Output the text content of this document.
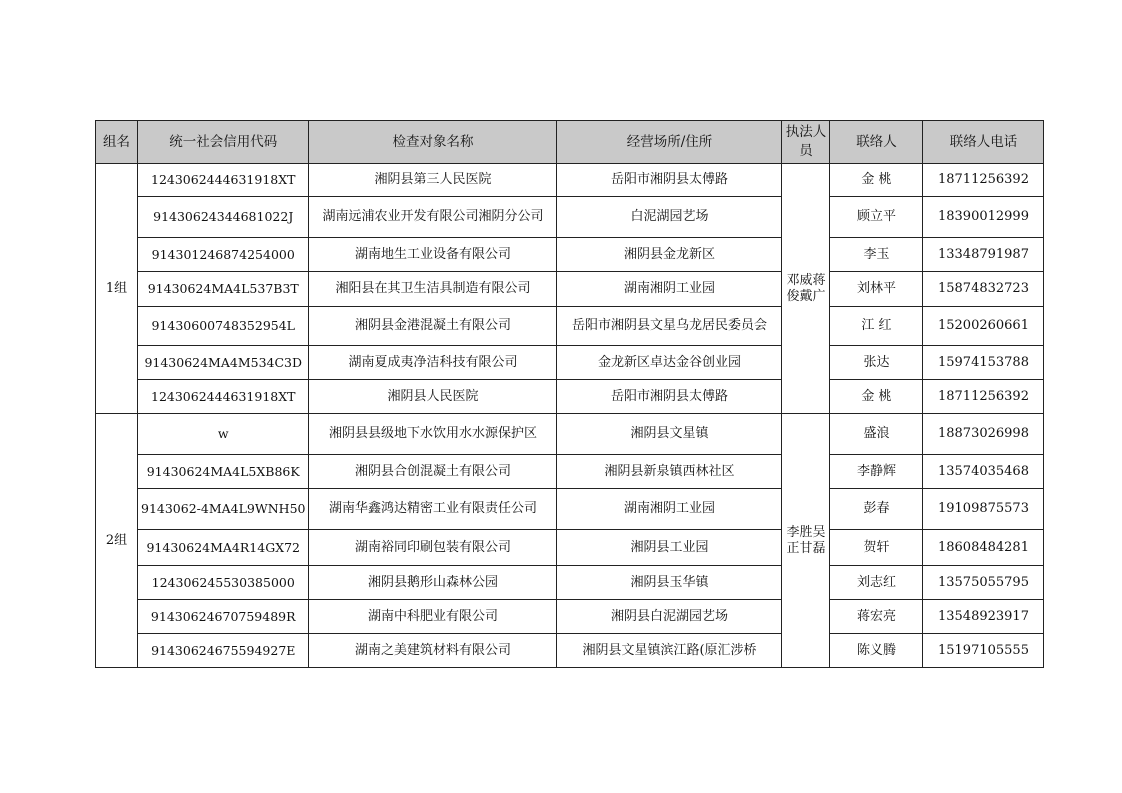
组名	统一社会信用代码	检查对象名称	经营场所/住所	执法人员	联络人	联络人电话
1组	1243062444631918XT	湘阴县第三人民医院	岳阳市湘阴县太傅路	邓威蒋俊戴广	金 桃	18711256392
	91430624344681022J	湖南远浦农业开发有限公司湘阴分公司	白泥湖园艺场		顾立平	18390012999
	914301246874254000	湖南地生工业设备有限公司	湘阴县金龙新区		李玉	13348791987
	91430624MA4L537B3T	湘阳县在其卫生洁具制造有限公司	湖南湘阴工业园		刘林平	15874832723
	91430600748352954L	湘阴县金港混凝土有限公司	岳阳市湘阴县文星乌龙居民委员会		江 红	15200260661
	91430624MA4M534C3D	湖南夏成夷净洁科技有限公司	金龙新区卓达金谷创业园		张达	15974153788
	1243062444631918XT	湘阴县人民医院	岳阳市湘阴县太傅路		金 桃	18711256392
2组	w	湘阴县县级地下水饮用水水源保护区	湘阴县文星镇	李胜吴正甘磊	盛浪	18873026998
	91430624MA4L5XB86K	湘阴县合创混凝土有限公司	湘阴县新泉镇西林社区		李静辉	13574035468
	9143062-4MA4L9WNH50	湖南华鑫鸿达精密工业有限责任公司	湖南湘阴工业园		彭春	19109875573
	91430624MA4R14GX72	湖南裕同印刷包装有限公司	湘阴县工业园		贺轩	18608484281
	124306245530385000	湘阴县鹅形山森林公园	湘阴县玉华镇		刘志红	13575055795
	91430624670759489R	湖南中科肥业有限公司	湘阴县白泥湖园艺场		蒋宏亮	13548923917
	91430624675594927E	湖南之美建筑材料有限公司	湘阴县文星镇滨江路(原汇涉桥		陈义腾	15197105555
